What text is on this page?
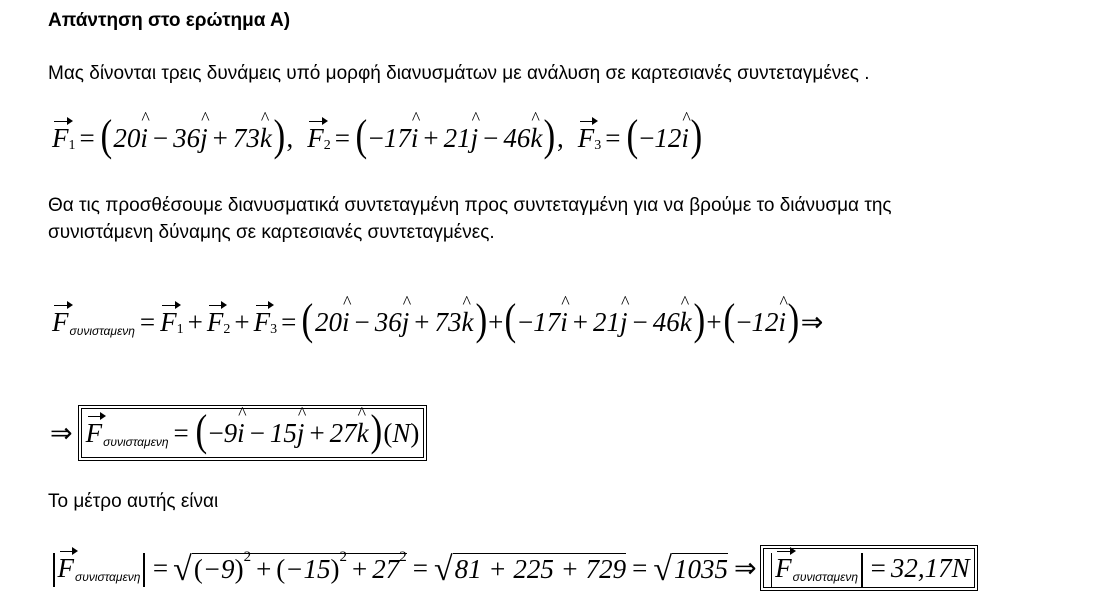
Απάντηση στο ερώτημα Α)
Μας δίνονται τρεις δυνάμεις υπό μορφή διανυσμάτων με ανάλυση σε καρτεσιανές συντεταγμένες .
F 1 = ( 20 i ^ − 36 j ^ + 73 k ^ ) , F 2 = ( − 17 i ^ + 21 j ^ − 46 k ^ ) , F 3 = ( − 12 i ^ )
Θα τις προσθέσουμε διανυσματικά συντεταγμένη προς συντεταγμένη για να βρούμε το διάνυσμα της
συνιστάμενη δύναμης σε καρτεσιανές συντεταγμένες.
F συνισταμενη = F 1 + F 2 + F 3 = ( 20 i ^ − 36 j ^ + 73 k ^ ) + ( − 17 i ^ + 21 j ^ − 46 k ^ ) + ( − 12 i ^ ) ⇒
⇒ F συνισταμενη = ( − 9 i ^ − 15 j ^ + 27 k ^ ) ( N )
Το μέτρο αυτής είναι
F συνισταμενη = √ ( −9 ) 2 + ( −15 ) 2 + 27 2 = √ 81 + 225 + 729 = √ 1035 ⇒ F συνισταμενη = 32,17N
